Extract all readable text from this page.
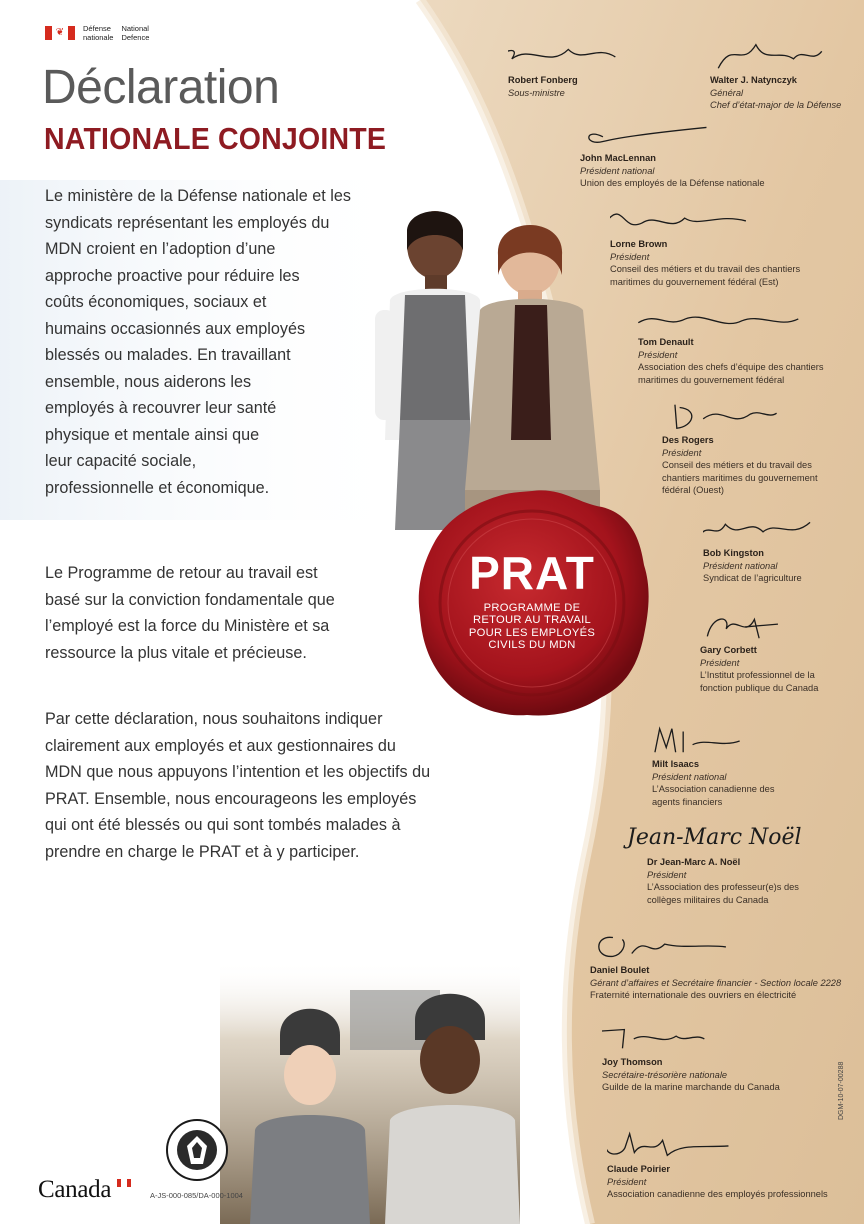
❦	Défense	National
nationale Defence
Déclaration
NATIONALE CONJOINTE
Le ministère de la Défense nationale et les
syndicats représentant les employés du
MDN croient en l’adoption d’une
approche proactive pour réduire les
coûts économiques, sociaux et
humains occasionnés aux employés
blessés ou malades. En travaillant
ensemble, nous aiderons les
employés à recouvrer leur santé
physique et mentale ainsi que
leur capacité sociale,
professionnelle et économique.
Le Programme de retour au travail est
basé sur la conviction fondamentale que
l’employé est la force du Ministère et sa
ressource la plus vitale et précieuse.
Par cette déclaration, nous souhaitons indiquer
clairement aux employés et aux gestionnaires du
MDN que nous appuyons l’intention et les objectifs du
PRAT. Ensemble, nous encourageons les employés
qui ont été blessés ou qui sont tombés malades à
prendre en charge le PRAT et à y participer.
PRAT
PROGRAMME DE
RETOUR AU TRAVAIL
POUR LES EMPLOYÉS
CIVILS DU MDN
Robert Fonberg
Sous-ministre
Walter J. Natynczyk
Général
Chef d’état-major de la Défense
John MacLennan
Président national
Union des employés de la Défense nationale
Lorne Brown
Président
Conseil des métiers et du travail des chantiers
maritimes du gouvernement fédéral (Est)
Tom Denault
Président
Association des chefs d’équipe des chantiers
maritimes du gouvernement fédéral
Des Rogers
Président
Conseil des métiers et du travail des
chantiers maritimes du gouvernement
fédéral (Ouest)
Bob Kingston
Président national
Syndicat de l’agriculture
Gary Corbett
Président
L’Institut professionnel de la
fonction publique du Canada
Milt Isaacs
Président national
L’Association canadienne des
agents financiers
Jean-Marc Noël
Dr Jean-Marc A. Noël
Président
L’Association des professeur(e)s des
collèges militaires du Canada
Daniel Boulet
Gérant d’affaires et Secrétaire financier - Section locale 2228
Fraternité internationale des ouvriers en électricité
Joy Thomson
Secrétaire-trésorière nationale
Guilde de la marine marchande du Canada
Claude Poirier
Président
Association canadienne des employés professionnels
Canada	A-JS-000-085/DA-000-1004
DGM-10-07-00288
